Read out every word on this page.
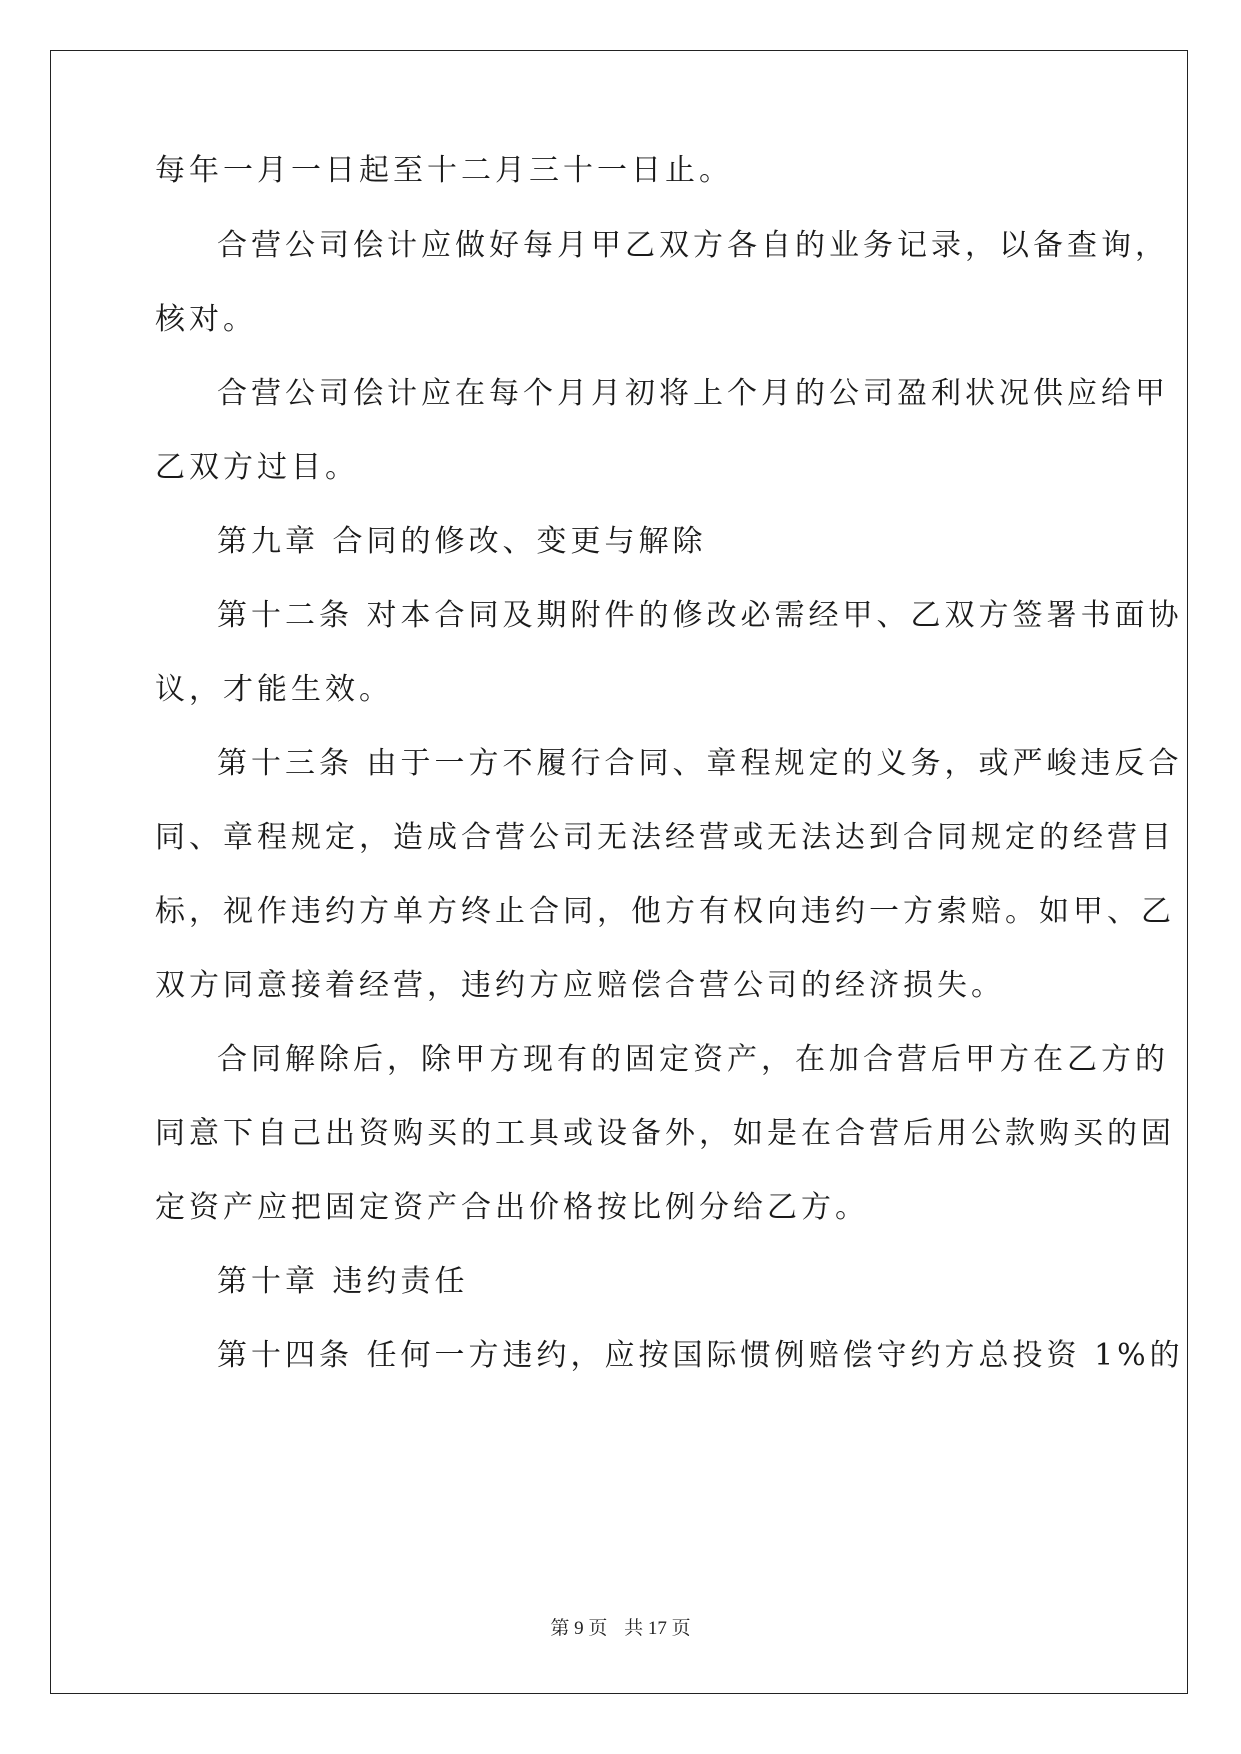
每年一月一日起至十二月三十一日止。
合营公司侩计应做好每月甲乙双方各自的业务记录，以备查询，
核对。
合营公司侩计应在每个月月初将上个月的公司盈利状况供应给甲
乙双方过目。
第九章 合同的修改、变更与解除
第十二条 对本合同及期附件的修改必需经甲、乙双方签署书面协
议，才能生效。
第十三条 由于一方不履行合同、章程规定的义务，或严峻违反合
同、章程规定，造成合营公司无法经营或无法达到合同规定的经营目
标，视作违约方单方终止合同，他方有权向违约一方索赔。如甲、乙
双方同意接着经营，违约方应赔偿合营公司的经济损失。
合同解除后，除甲方现有的固定资产，在加合营后甲方在乙方的
同意下自己出资购买的工具或设备外，如是在合营后用公款购买的固
定资产应把固定资产合出价格按比例分给乙方。
第十章 违约责任
第十四条 任何一方违约，应按国际惯例赔偿守约方总投资 1%的
第 9 页 共 17 页
